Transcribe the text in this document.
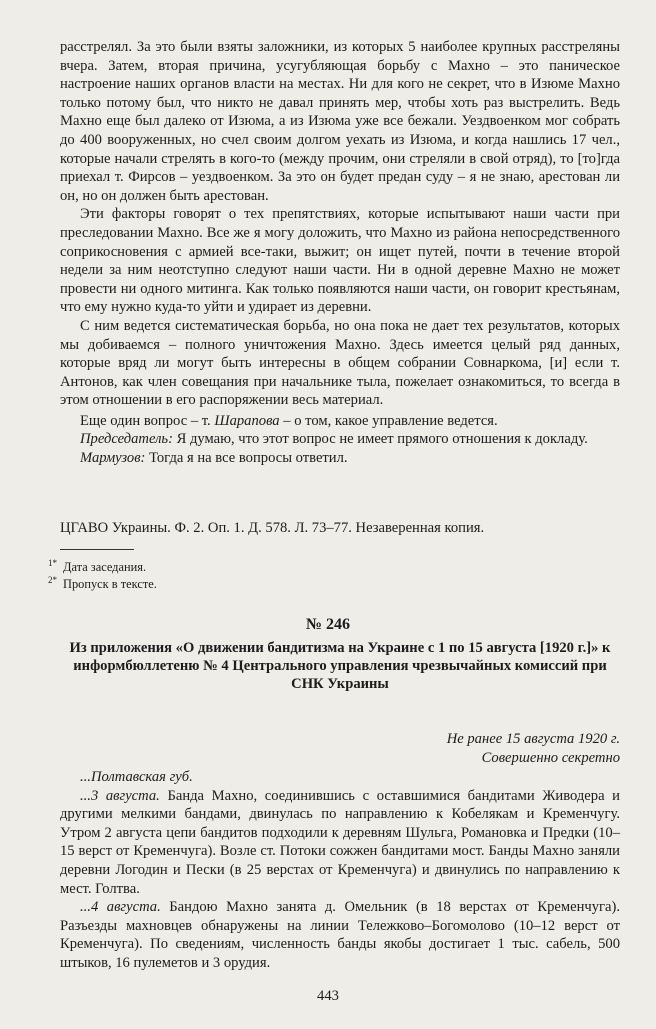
расстрелял. За это были взяты заложники, из которых 5 наиболее крупных расстреляны вчера. Затем, вторая причина, усугубляющая борьбу с Махно – это паническое настроение наших органов власти на местах. Ни для кого не секрет, что в Изюме Махно только потому был, что никто не давал принять мер, чтобы хоть раз выстрелить. Ведь Махно еще был далеко от Изюма, а из Изюма уже все бежали. Уездвоенком мог собрать до 400 вооруженных, но счел своим долгом уехать из Изюма, и когда нашлись 17 чел., которые начали стрелять в кого-то (между прочим, они стреляли в свой отряд), то [то]гда приехал т. Фирсов – уездвоенком. За это он будет предан суду – я не знаю, арестован ли он, но он должен быть арестован.

Эти факторы говорят о тех препятствиях, которые испытывают наши части при преследовании Махно. Все же я могу доложить, что Махно из района непосредственного соприкосновения с армией все-таки, выжит; он ищет путей, почти в течение второй недели за ним неотступно следуют наши части. Ни в одной деревне Махно не может провести ни одного митинга. Как только появляются наши части, он говорит крестьянам, что ему нужно куда-то уйти и удирает из деревни.

С ним ведется систематическая борьба, но она пока не дает тех результатов, которых мы добиваемся – полного уничтожения Махно. Здесь имеется целый ряд данных, которые вряд ли могут быть интересны в общем собрании Совнаркома, [и] если т. Антонов, как член совещания при начальнике тыла, пожелает ознакомиться, то всегда в этом отношении в его распоряжении весь материал.

Еще один вопрос – т. Шарапова – о том, какое управление ведется.

Председатель: Я думаю, что этот вопрос не имеет прямого отношения к докладу.

Мармузов: Тогда я на все вопросы ответил.

ЦГАВО Украины. Ф. 2. Оп. 1. Д. 578. Л. 73–77. Незаверенная копия.
$^{1*}$ Дата заседания.
$^{2*}$ Пропуск в тексте.
№ 246
Из приложения «О движении бандитизма на Украине с 1 по 15 августа [1920 г.]» к информбюллетеню № 4 Центрального управления чрезвычайных комиссий при СНК Украины
Не ранее 15 августа 1920 г.
Совершенно секретно

...Полтавская губ.

...3 августа. Банда Махно, соединившись с оставшимися бандитами Живодера и другими мелкими бандами, двинулась по направлению к Кобелякам и Кременчугу. Утром 2 августа цепи бандитов подходили к деревням Шульга, Романовка и Предки (10–15 верст от Кременчуга). Возле ст. Потоки сожжен бандитами мост. Банды Махно заняли деревни Логодин и Пески (в 25 верстах от Кременчуга) и двинулись по направлению к мест. Голтва.

...4 августа. Бандою Махно занята д. Омельник (в 18 верстах от Кременчуга). Разъезды махновцев обнаружены на линии Тележково–Богомолово (10–12 верст от Кременчуга). По сведениям, численность банды якобы достигает 1 тыс. сабель, 500 штыков, 16 пулеметов и 3 орудия.

443
